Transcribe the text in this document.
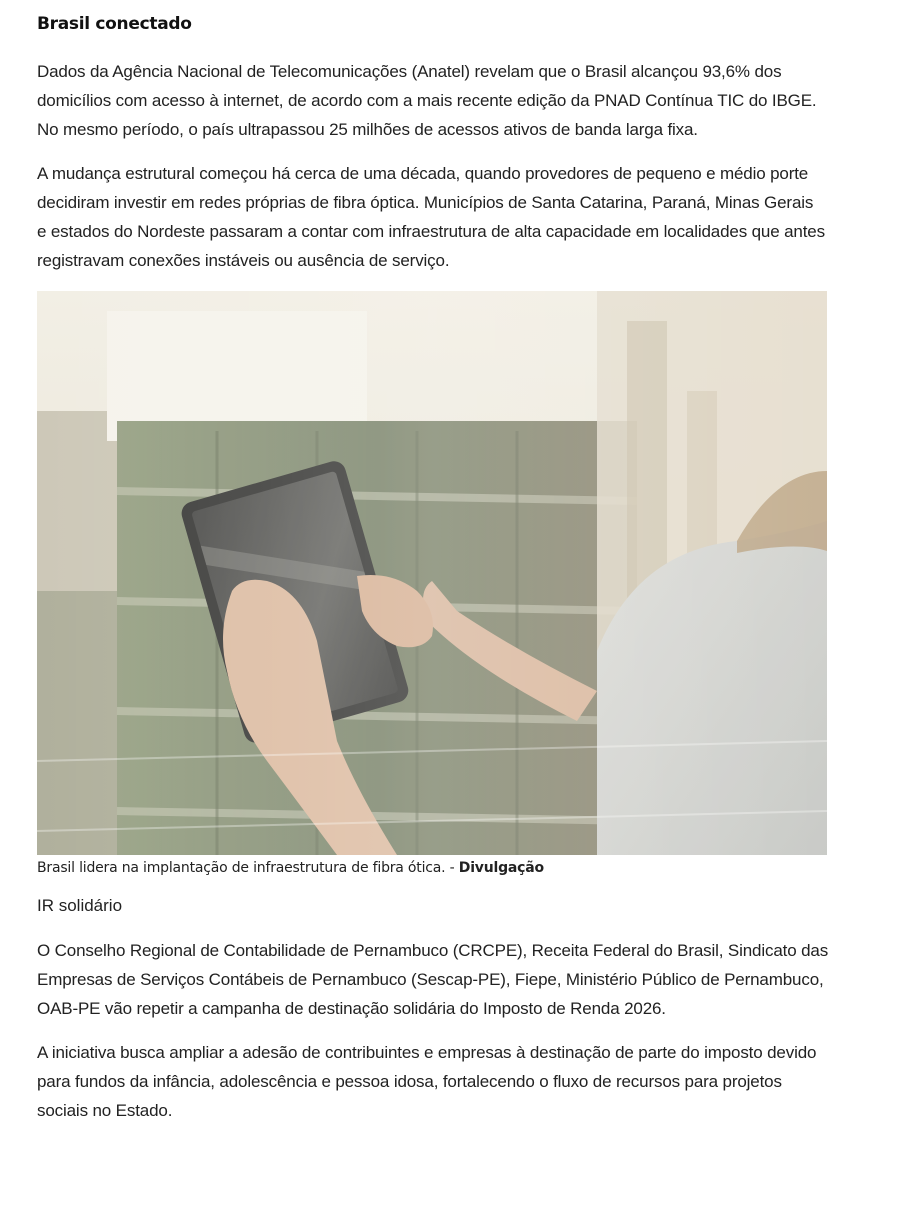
Brasil conectado

Dados da Agência Nacional de Telecomunicações (Anatel) revelam que o Brasil alcançou 93,6% dos domicílios com acesso à internet, de acordo com a mais recente edição da PNAD Contínua TIC do IBGE. No mesmo período, o país ultrapassou 25 milhões de acessos ativos de banda larga fixa.

A mudança estrutural começou há cerca de uma década, quando provedores de pequeno e médio porte decidiram investir em redes próprias de fibra óptica. Municípios de Santa Catarina, Paraná, Minas Gerais e estados do Nordeste passaram a contar com infraestrutura de alta capacidade em localidades que antes registravam conexões instáveis ou ausência de serviço.

Brasil lidera na implantação de infraestrutura de fibra ótica. - Divulgação
IR solidário

O Conselho Regional de Contabilidade de Pernambuco (CRCPE), Receita Federal do Brasil, Sindicato das Empresas de Serviços Contábeis de Pernambuco (Sescap-PE), Fiepe, Ministério Público de Pernambuco, OAB-PE vão repetir a campanha de destinação solidária do Imposto de Renda 2026.

A iniciativa busca ampliar a adesão de contribuintes e empresas à destinação de parte do imposto devido para fundos da infância, adolescência e pessoa idosa, fortalecendo o fluxo de recursos para projetos sociais no Estado.
